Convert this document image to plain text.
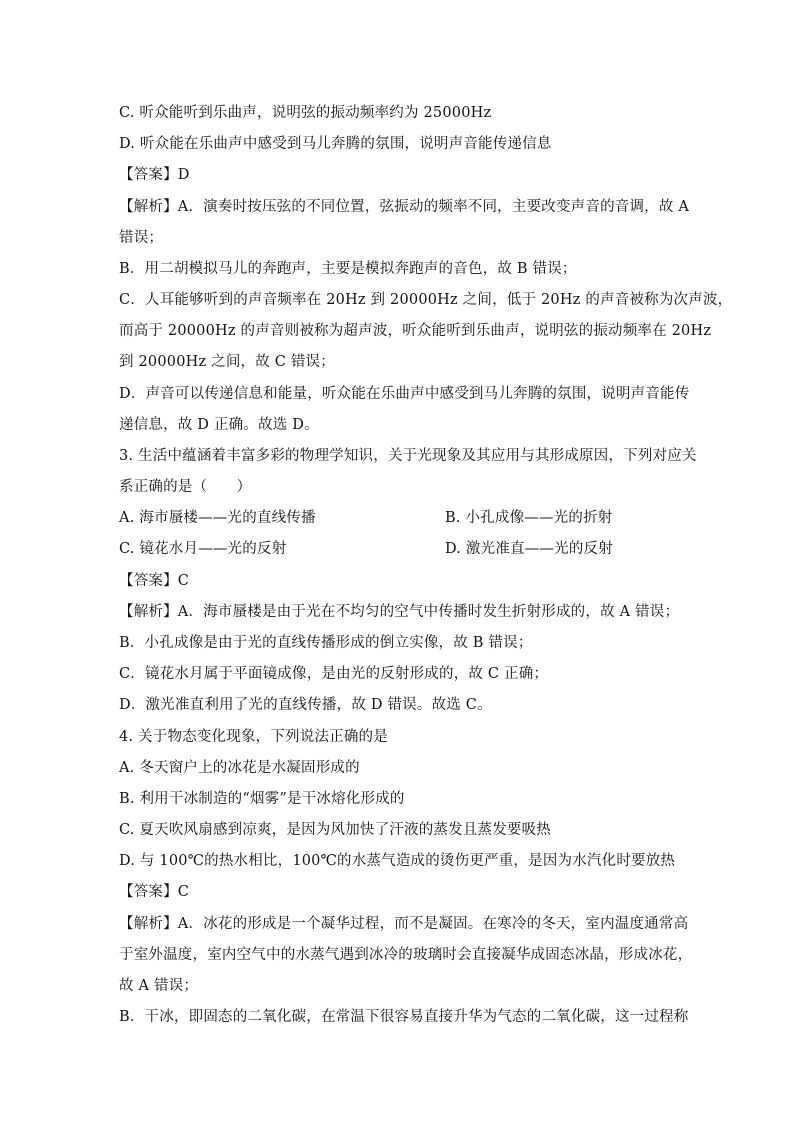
C. 听众能听到乐曲声，说明弦的振动频率约为 25000Hz
D. 听众能在乐曲声中感受到马儿奔腾的氛围，说明声音能传递信息
【答案】D
【解析】A．演奏时按压弦的不同位置，弦振动的频率不同，主要改变声音的音调，故 A
错误；
B．用二胡模拟马儿的奔跑声，主要是模拟奔跑声的音色，故 B 错误；
C．人耳能够听到的声音频率在 20Hz 到 20000Hz 之间，低于 20Hz 的声音被称为次声波，
而高于 20000Hz 的声音则被称为超声波，听众能听到乐曲声，说明弦的振动频率在 20Hz
到 20000Hz 之间，故 C 错误；
D．声音可以传递信息和能量，听众能在乐曲声中感受到马儿奔腾的氛围，说明声音能传
递信息，故 D 正确。故选 D。
3. 生活中蕴涵着丰富多彩的物理学知识，关于光现象及其应用与其形成原因，下列对应关
系正确的是（　　）
A. 海市蜃楼——光的直线传播	B. 小孔成像——光的折射
C. 镜花水月——光的反射	D. 激光准直——光的反射
【答案】C
【解析】A．海市蜃楼是由于光在不均匀的空气中传播时发生折射形成的，故 A 错误；
B．小孔成像是由于光的直线传播形成的倒立实像，故 B 错误；
C．镜花水月属于平面镜成像，是由光的反射形成的，故 C 正确；
D．激光准直利用了光的直线传播，故 D 错误。故选 C。
4. 关于物态变化现象，下列说法正确的是
A. 冬天窗户上的冰花是水凝固形成的
B. 利用干冰制造的“烟雾”是干冰熔化形成的
C. 夏天吹风扇感到凉爽，是因为风加快了汗液的蒸发且蒸发要吸热
D. 与 100℃的热水相比，100℃的水蒸气造成的烫伤更严重，是因为水汽化时要放热
【答案】C
【解析】A．冰花的形成是一个凝华过程，而不是凝固。在寒冷的冬天，室内温度通常高
于室外温度，室内空气中的水蒸气遇到冰冷的玻璃时会直接凝华成固态冰晶，形成冰花，
故 A 错误；
B．干冰，即固态的二氧化碳，在常温下很容易直接升华为气态的二氧化碳，这一过程称
